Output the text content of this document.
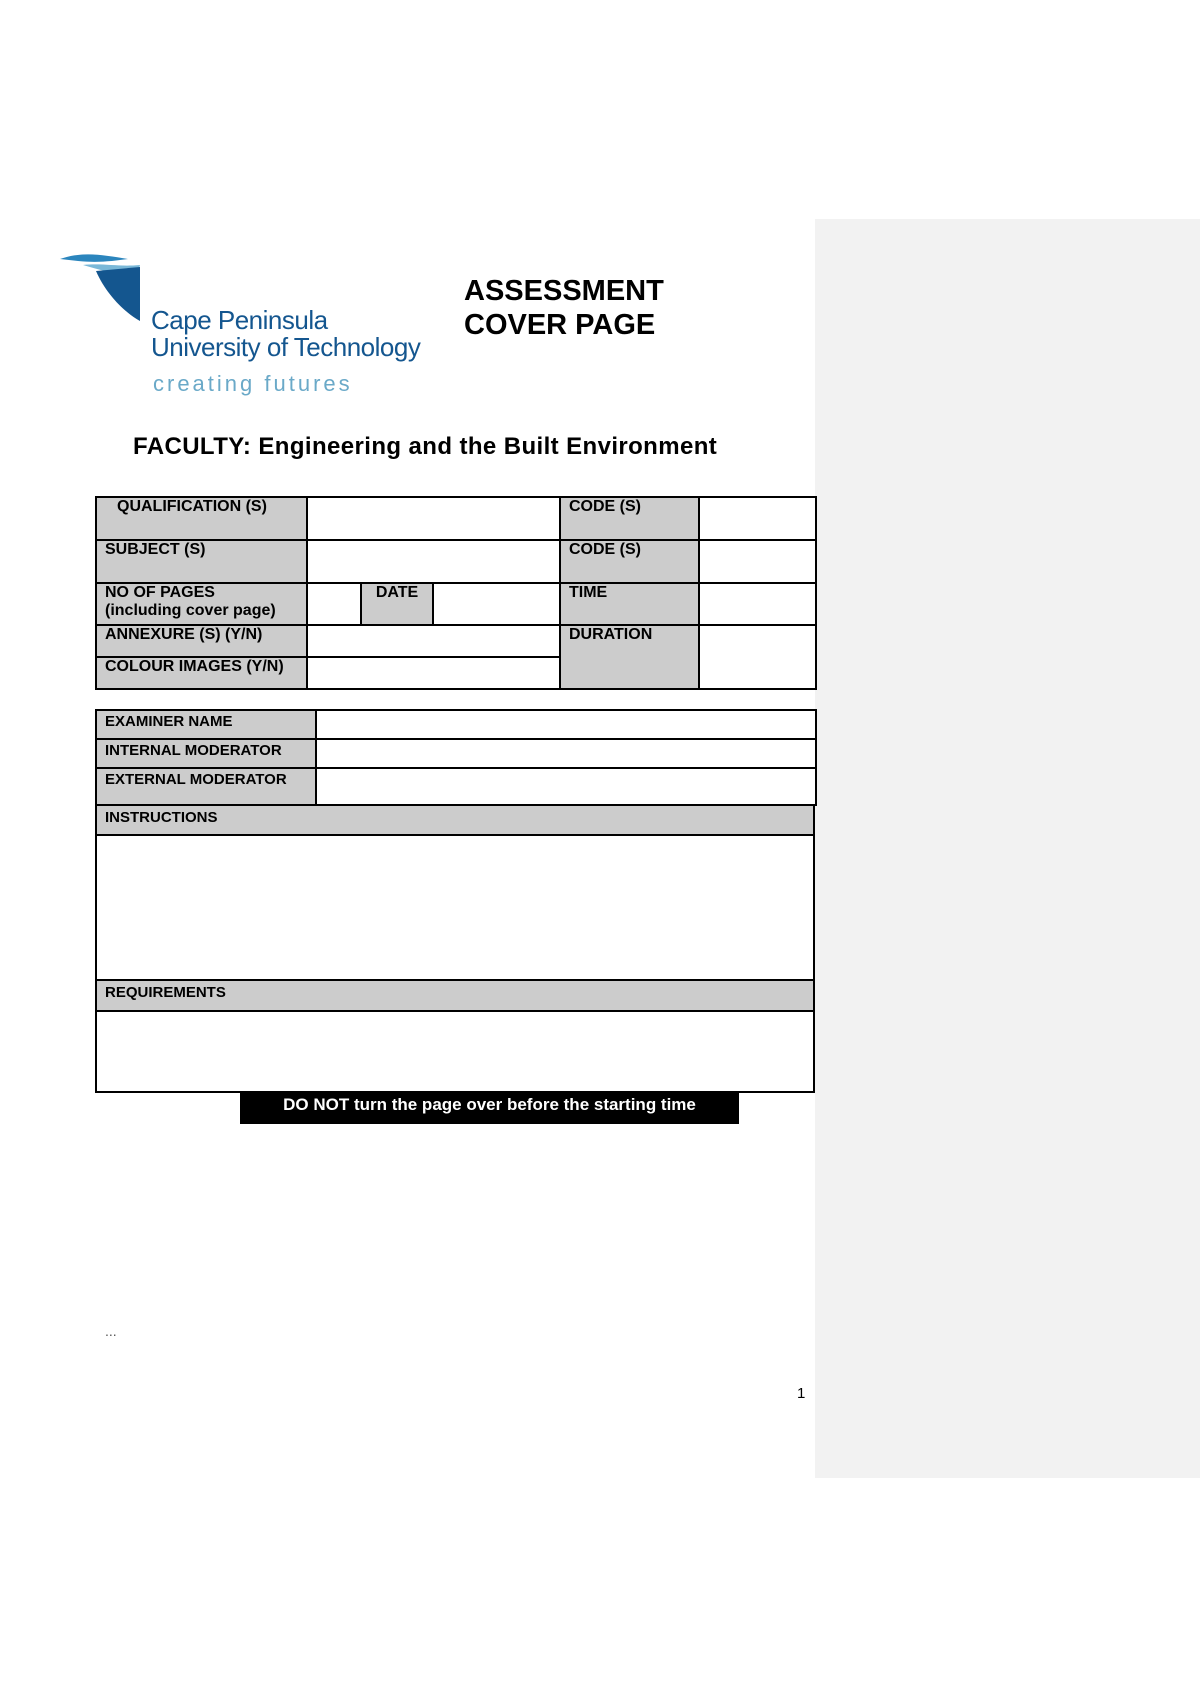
Cape Peninsula
University of Technology
creating futures
ASSESSMENT
COVER PAGE
FACULTY: Engineering and the Built Environment
QUALIFICATION (S)				CODE (S)	
SUBJECT (S)				CODE (S)	

NO OF PAGES
(including cover page)		DATE		TIME	
ANNEXURE (S) (Y/N)				DURATION	
COLOUR IMAGES (Y/N)					
EXAMINER NAME	
INTERNAL MODERATOR	
EXTERNAL MODERATOR	
INSTRUCTIONS
REQUIREMENTS
DO NOT turn the page over before the starting time
...
1
